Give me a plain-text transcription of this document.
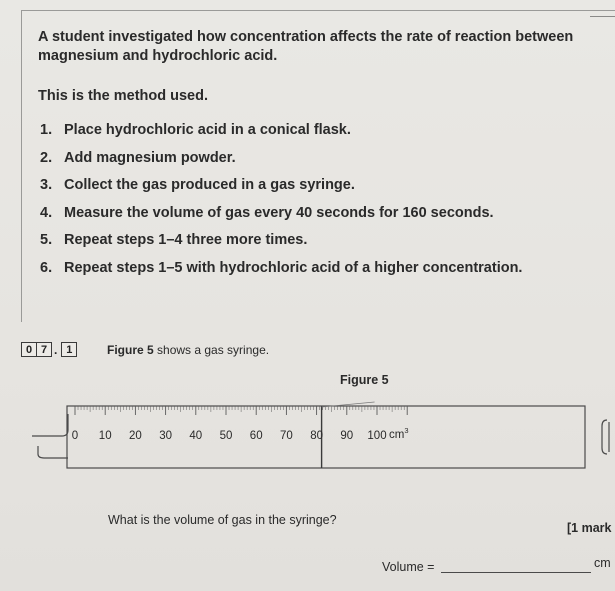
A student investigated how concentration affects the rate of reaction between
magnesium and hydrochloric acid.
This is the method used.
1. Place hydrochloric acid in a conical flask.
2. Add magnesium powder.
3. Collect the gas produced in a gas syringe.
4. Measure the volume of gas every 40 seconds for 160 seconds.
5. Repeat steps 1–4 three more times.
6. Repeat steps 1–5 with hydrochloric acid of a higher concentration.
0 7 . 1	Figure 5 shows a gas syringe.
Figure 5
0 10 20 30 40 50 60 70 80 90 100 $cm^3$
What is the volume of gas in the syringe?
[1 mark
Volume =	cm
